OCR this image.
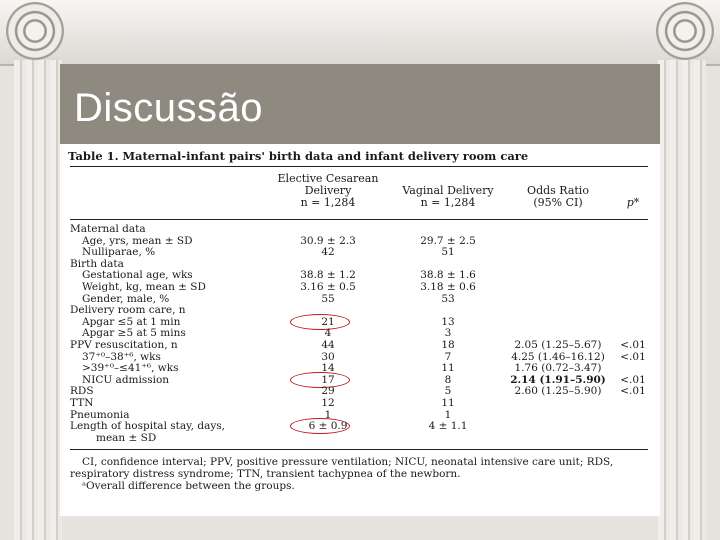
Discussão
Table 1. Maternal-infant pairs' birth data and infant delivery room care
Elective Cesarean
Delivery
n = 1,284
Vaginal Delivery
n = 1,284
Odds Ratio
(95% CI)	p*
Maternal data
Age, yrs, mean ± SD	30.9 ± 2.3	29.7 ± 2.5
Nulliparae, %	42	51
Birth data
Gestational age, wks	38.8 ± 1.2	38.8 ± 1.6
Weight, kg, mean ± SD	3.16 ± 0.5	3.18 ± 0.6
Gender, male, %	55	53
Delivery room care, n
Apgar ≤5 at 1 min	21	13
Apgar ≥5 at 5 mins	4	3
PPV resuscitation, n	44	18	2.05 (1.25–5.67)	<.01
37⁺⁰–38⁺⁶, wks	30	7	4.25 (1.46–16.12)	<.01
>39⁺⁰–≤41⁺⁶, wks	14	11	1.76 (0.72–3.47)
NICU admission	17	8	2.14 (1.91–5.90)	<.01
RDS	29	5	2.60 (1.25–5.90)	<.01
TTN	12	11
Pneumonia	1	1
Length of hospital stay, days,	6 ± 0.9	4 ± 1.1
mean ± SD
CI, confidence interval; PPV, positive pressure ventilation; NICU, neonatal intensive care unit; RDS,
respiratory distress syndrome; TTN, transient tachypnea of the newborn.
ᵃOverall difference between the groups.
